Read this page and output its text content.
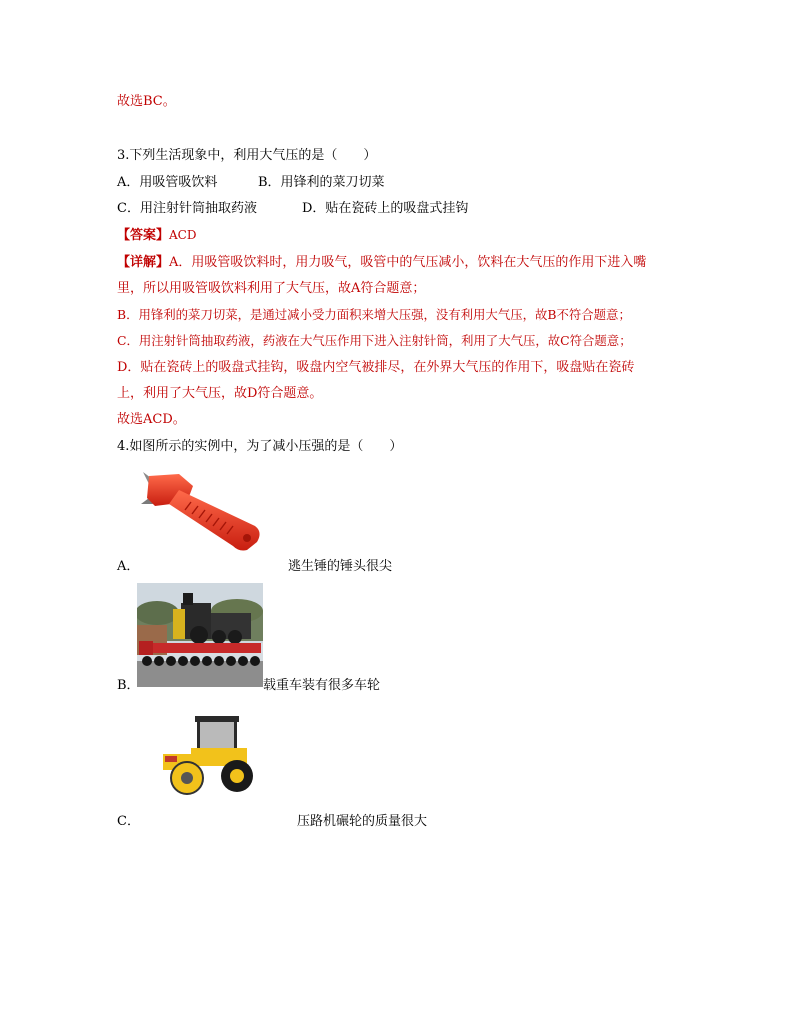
故选BC。
3.下列生活现象中，利用大气压的是（　　）
A．用吸管吸饮料	B．用锋利的菜刀切菜
C．用注射针筒抽取药液	D．贴在瓷砖上的吸盘式挂钩
【答案】ACD
【详解】A．用吸管吸饮料时，用力吸气，吸管中的气压减小，饮料在大气压的作用下进入嘴
里，所以用吸管吸饮料利用了大气压，故A符合题意；
B．用锋利的菜刀切菜，是通过减小受力面积来增大压强，没有利用大气压，故B不符合题意；
C．用注射针筒抽取药液，药液在大气压作用下进入注射针筒，利用了大气压，故C符合题意；
D．贴在瓷砖上的吸盘式挂钩，吸盘内空气被排尽，在外界大气压的作用下，吸盘贴在瓷砖
上，利用了大气压，故D符合题意。
故选ACD。
4.如图所示的实例中，为了减小压强的是（　　）
A．	逃生锤的锤头很尖
B．	载重车装有很多车轮
C．	压路机碾轮的质量很大
